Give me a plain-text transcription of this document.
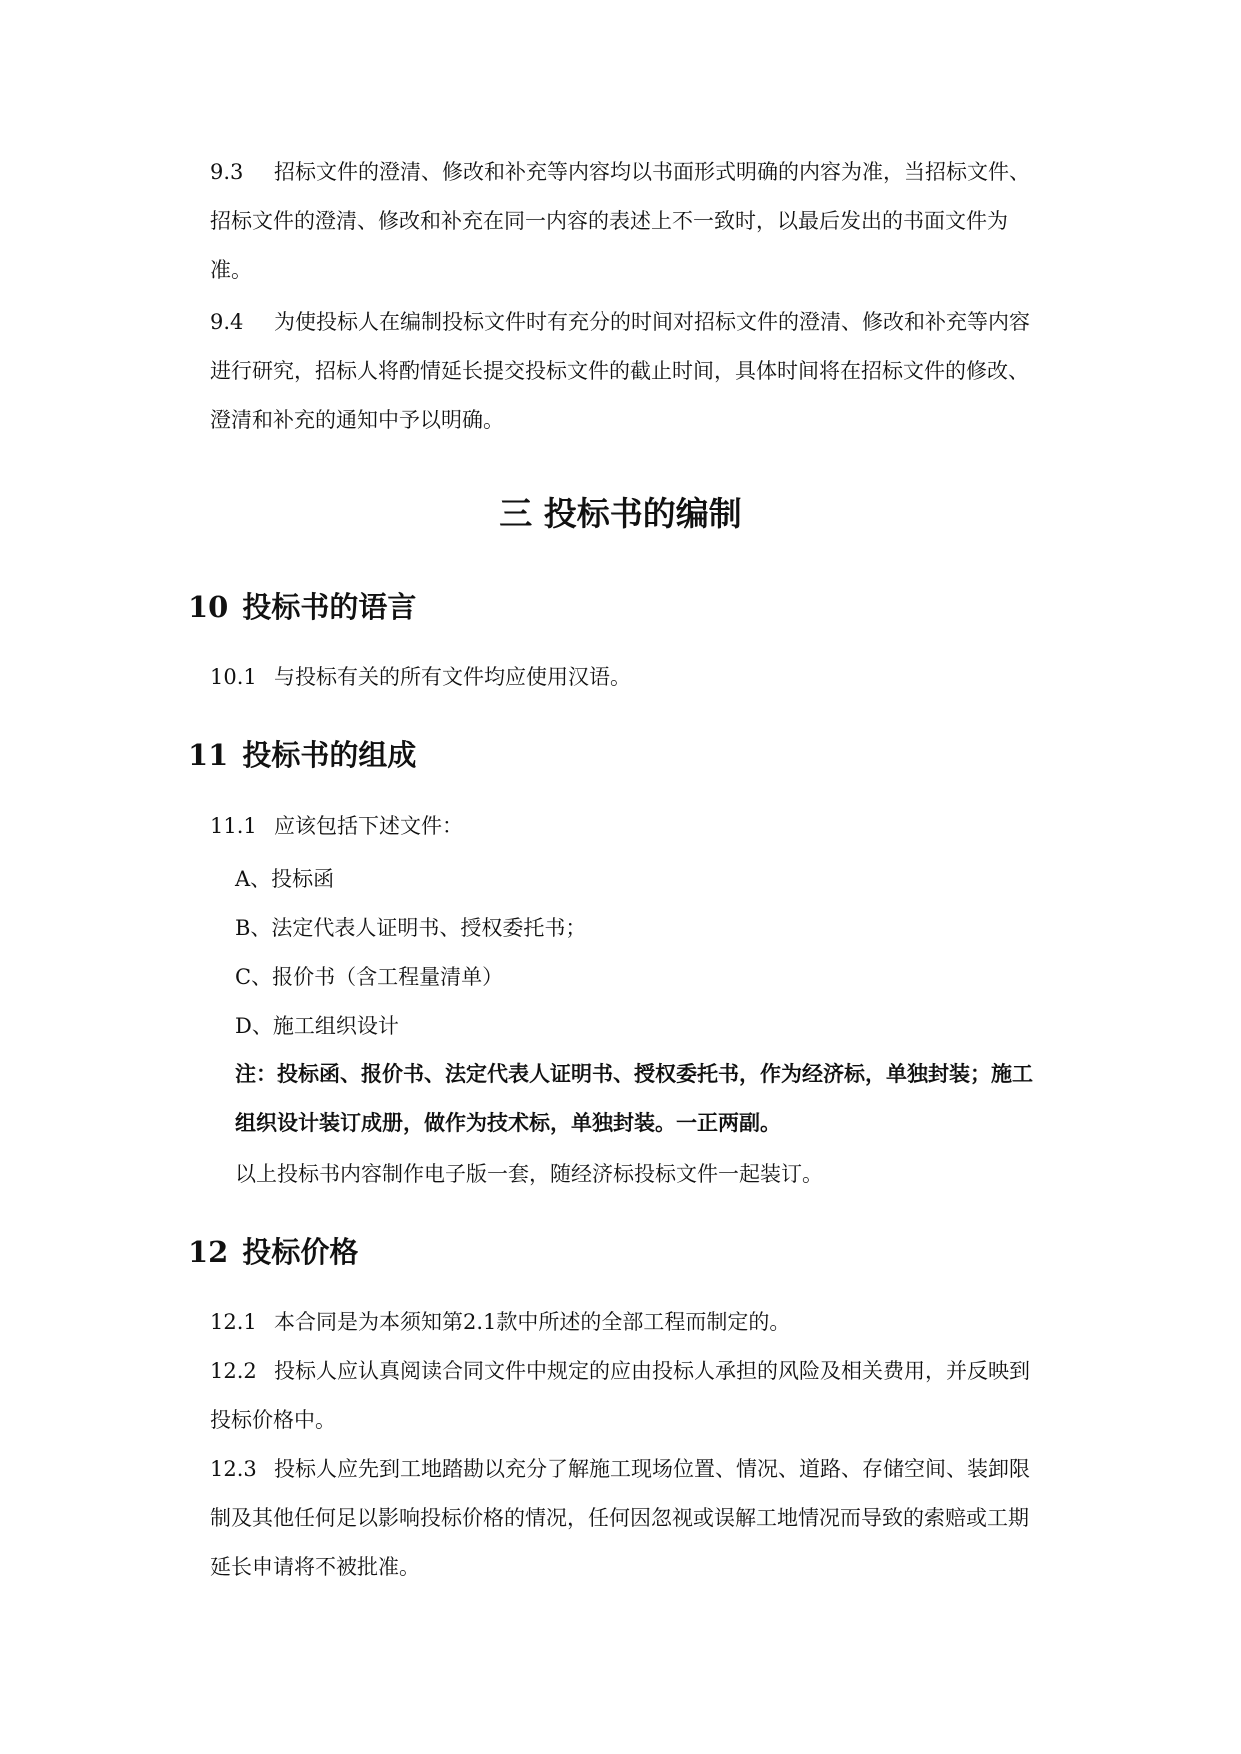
9.3 招标文件的澄清、修改和补充等内容均以书面形式明确的内容为准，当招标文件、招标文件的澄清、修改和补充在同一内容的表述上不一致时，以最后发出的书面文件为准。

9.4 为使投标人在编制投标文件时有充分的时间对招标文件的澄清、修改和补充等内容进行研究，招标人将酌情延长提交投标文件的截止时间，具体时间将在招标文件的修改、澄清和补充的通知中予以明确。

三 投标书的编制
10 投标书的语言

10.1 与投标有关的所有文件均应使用汉语。

11 投标书的组成

11.1 应该包括下述文件：

A、投标函

B、法定代表人证明书、授权委托书；

C、报价书（含工程量清单）

D、施工组织设计

注：投标函、报价书、法定代表人证明书、授权委托书，作为经济标，单独封装；施工组织设计装订成册，做作为技术标，单独封装。一正两副。

以上投标书内容制作电子版一套，随经济标投标文件一起装订。

12 投标价格

12.1 本合同是为本须知第2.1款中所述的全部工程而制定的。

12.2 投标人应认真阅读合同文件中规定的应由投标人承担的风险及相关费用，并反映到投标价格中。

12.3 投标人应先到工地踏勘以充分了解施工现场位置、情况、道路、存储空间、装卸限制及其他任何足以影响投标价格的情况，任何因忽视或误解工地情况而导致的索赔或工期延长申请将不被批准。
